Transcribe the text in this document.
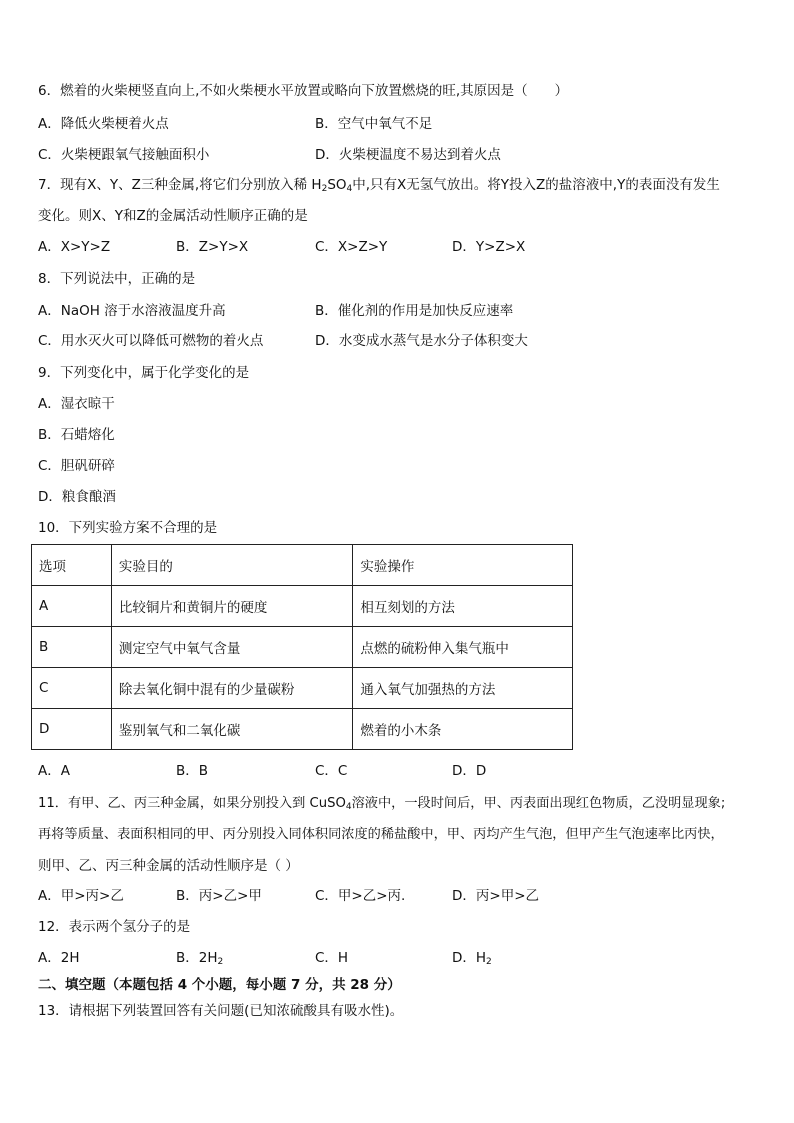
6．燃着的火柴梗竖直向上,不如火柴梗水平放置或略向下放置燃烧的旺,其原因是（　　）
A．降低火柴梗着火点	B．空气中氧气不足
C．火柴梗跟氧气接触面积小	D．火柴梗温度不易达到着火点
7．现有X、Y、Z三种金属,将它们分别放入稀 $H_2SO_4$中,只有X无氢气放出。将Y投入Z的盐溶液中,Y的表面没有发生
变化。则X、Y和Z的金属活动性顺序正确的是
A．X>Y>Z	B．Z>Y>X	C．X>Z>Y	D．Y>Z>X
8．下列说法中，正确的是
A．NaOH 溶于水溶液温度升高	B．催化剂的作用是加快反应速率
C．用水灭火可以降低可燃物的着火点	D．水变成水蒸气是水分子体积变大
9．下列变化中，属于化学变化的是
A．湿衣晾干
B．石蜡熔化
C．胆矾研碎
D．粮食酿酒
10．下列实验方案不合理的是
选项	实验目的	实验操作
A	比较铜片和黄铜片的硬度	相互刻划的方法
B	测定空气中氧气含量	点燃的硫粉伸入集气瓶中
C	除去氧化铜中混有的少量碳粉	通入氧气加强热的方法
D	鉴别氧气和二氧化碳	燃着的小木条
A．A	B．B	C．C	D．D
11．有甲、乙、丙三种金属，如果分别投入到 CuSO$_4$溶液中，一段时间后，甲、丙表面出现红色物质，乙没明显现象;
再将等质量、表面积相同的甲、丙分别投入同体积同浓度的稀盐酸中，甲、丙均产生气泡，但甲产生气泡速率比丙快，
则甲、乙、丙三种金属的活动性顺序是（ ）
A．甲>丙>乙	B．丙>乙>甲	C．甲>乙>丙.	D．丙>甲>乙
12．表示两个氢分子的是
A．2H	B．$2H_2$	C．H	D．$H_2$
二、填空题（本题包括 4 个小题，每小题 7 分，共 28 分）
13．请根据下列装置回答有关问题(已知浓硫酸具有吸水性)。
